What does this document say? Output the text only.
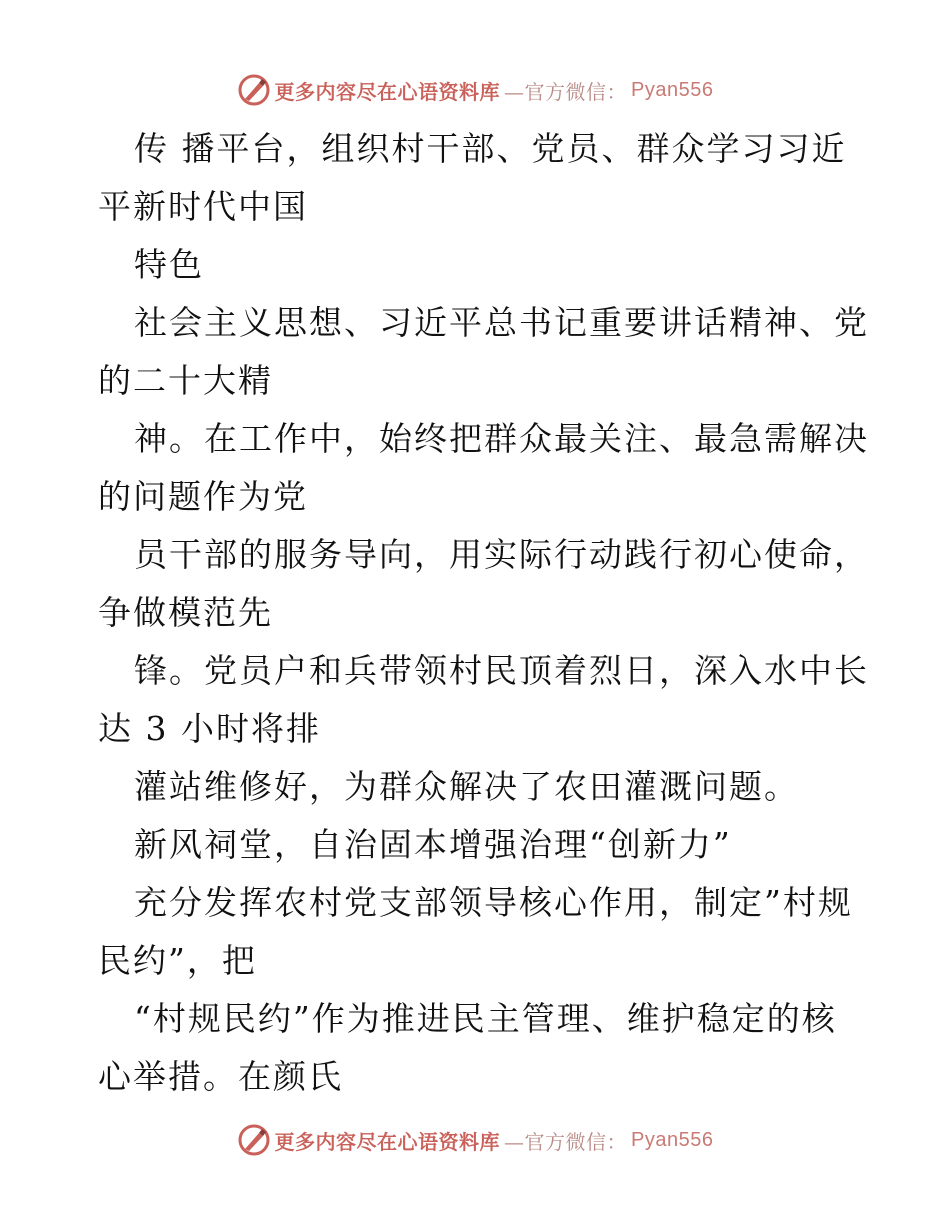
更多内容尽在心语资料库 —官方微信： Pyan556
传 播平台，组织村干部、党员、群众学习习近
平新时代中国
特色
社会主义思想、习近平总书记重要讲话精神、党
的二十大精
神。在工作中，始终把群众最关注、最急需解决
的问题作为党
员干部的服务导向，用实际行动践行初心使命，
争做模范先
锋。党员户和兵带领村民顶着烈日，深入水中长
达 3 小时将排
灌站维修好，为群众解决了农田灌溉问题。
新风祠堂，自治固本增强治理“创新力”
充分发挥农村党支部领导核心作用，制定”村规
民约”，把
“村规民约”作为推进民主管理、维护稳定的核
心举措。在颜氏
更多内容尽在心语资料库 —官方微信： Pyan556
